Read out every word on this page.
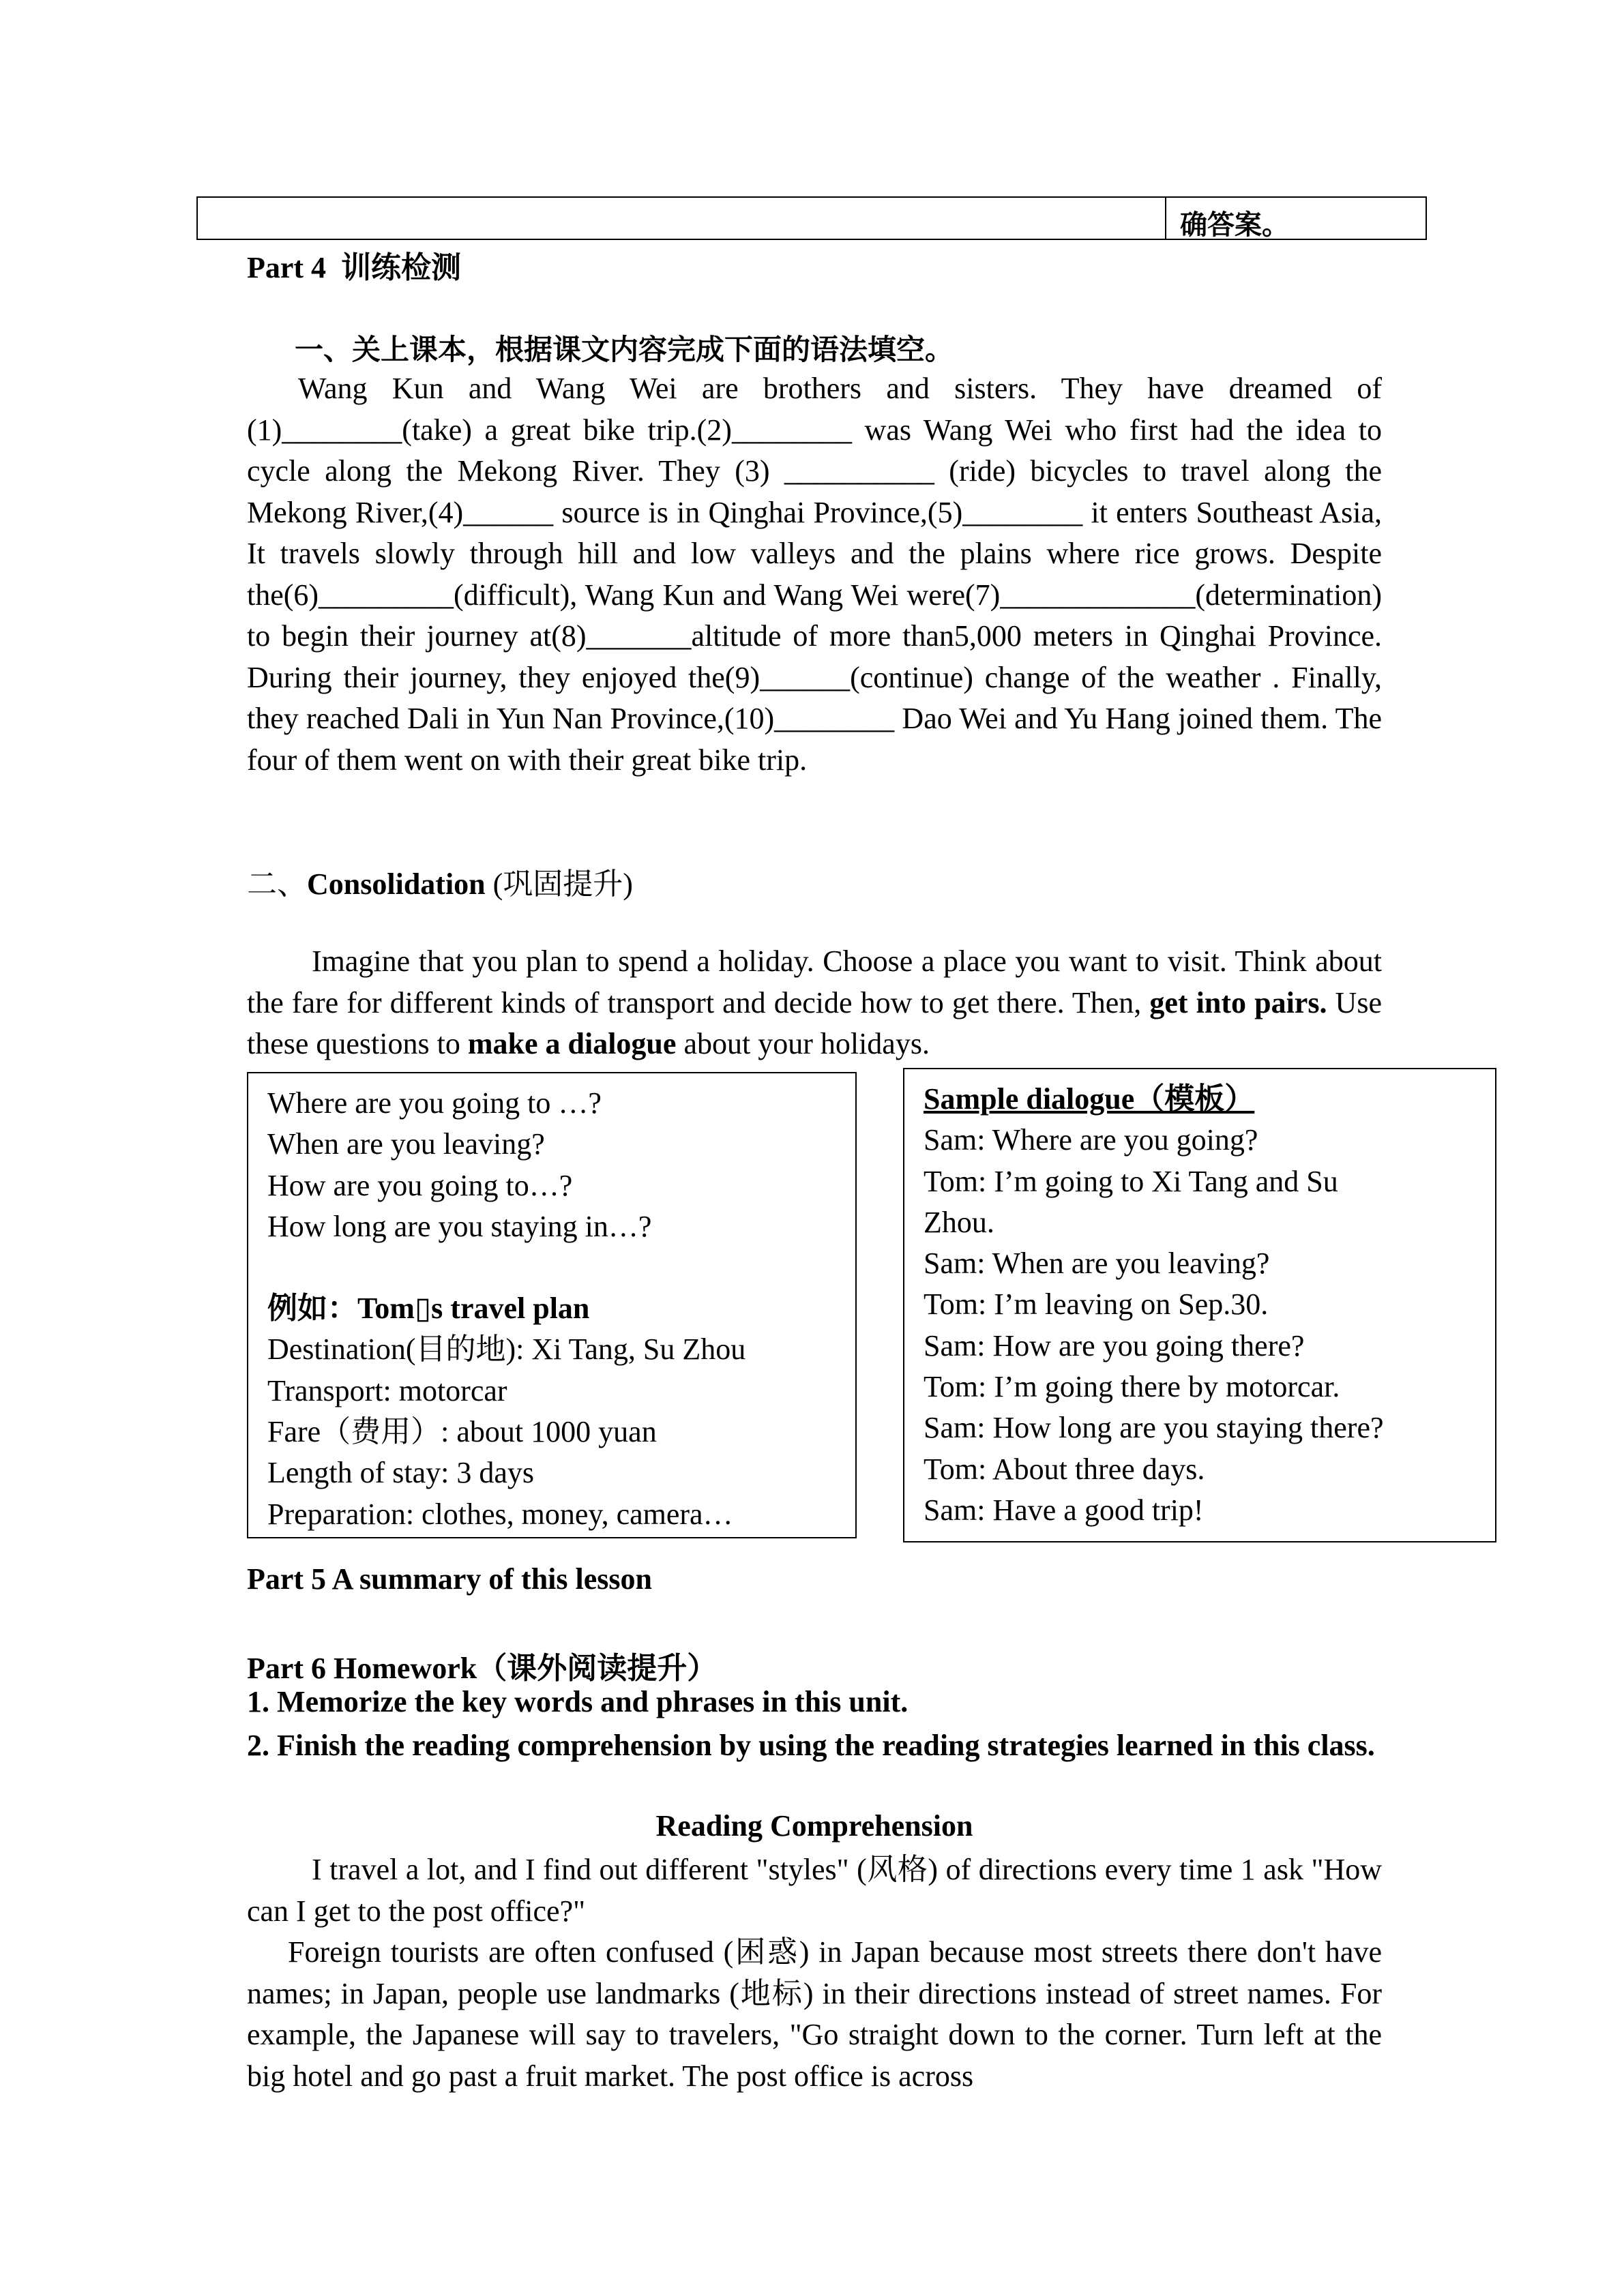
确答案。
Part 4 训练检测
一、关上课本，根据课文内容完成下面的语法填空。
Wang Kun and Wang Wei are brothers and sisters. They have dreamed of (1)________(take) a great bike trip.(2)________ was Wang Wei who first had the idea to cycle along the Mekong River. They (3) __________ (ride) bicycles to travel along the Mekong River,(4)______ source is in Qinghai Province,(5)________ it enters Southeast Asia, It travels slowly through hill and low valleys and the plains where rice grows. Despite the(6)_________(difficult), Wang Kun and Wang Wei were(7)_____________(determination) to begin their journey at(8)_______altitude of more than5,000 meters in Qinghai Province. During their journey, they enjoyed the(9)______(continue) change of the weather . Finally, they reached Dali in Yun Nan Province,(10)________ Dao Wei and Yu Hang joined them. The four of them went on with their great bike trip.
二、Consolidation (巩固提升)
Imagine that you plan to spend a holiday. Choose a place you want to visit. Think about the fare for different kinds of transport and decide how to get there. Then, get into pairs. Use these questions to make a dialogue about your holidays.
Where are you going to …?
When are you leaving?
How are you going to…?
How long are you staying in…?
例如：Tom▯s travel plan
Destination(目的地): Xi Tang, Su Zhou
Transport: motorcar
Fare（费用）: about 1000 yuan
Length of stay: 3 days
Preparation: clothes, money, camera…
Sample dialogue（模板）
Sam: Where are you going?
Tom: I’m going to Xi Tang and Su
Zhou.
Sam: When are you leaving?
Tom: I’m leaving on Sep.30.
Sam: How are you going there?
Tom: I’m going there by motorcar.
Sam: How long are you staying there?
Tom: About three days.
Sam: Have a good trip!
Part 5 A summary of this lesson
Part 6 Homework（课外阅读提升）
1. Memorize the key words and phrases in this unit.
2. Finish the reading comprehension by using the reading strategies learned in this class.
Reading Comprehension
I travel a lot, and I find out different "styles" (风格) of directions every time 1 ask "How can I get to the post office?"
Foreign tourists are often confused (困惑) in Japan because most streets there don't have names; in Japan, people use landmarks (地标) in their directions instead of street names. For example, the Japanese will say to travelers, "Go straight down to the corner. Turn left at the big hotel and go past a fruit market. The post office is across
